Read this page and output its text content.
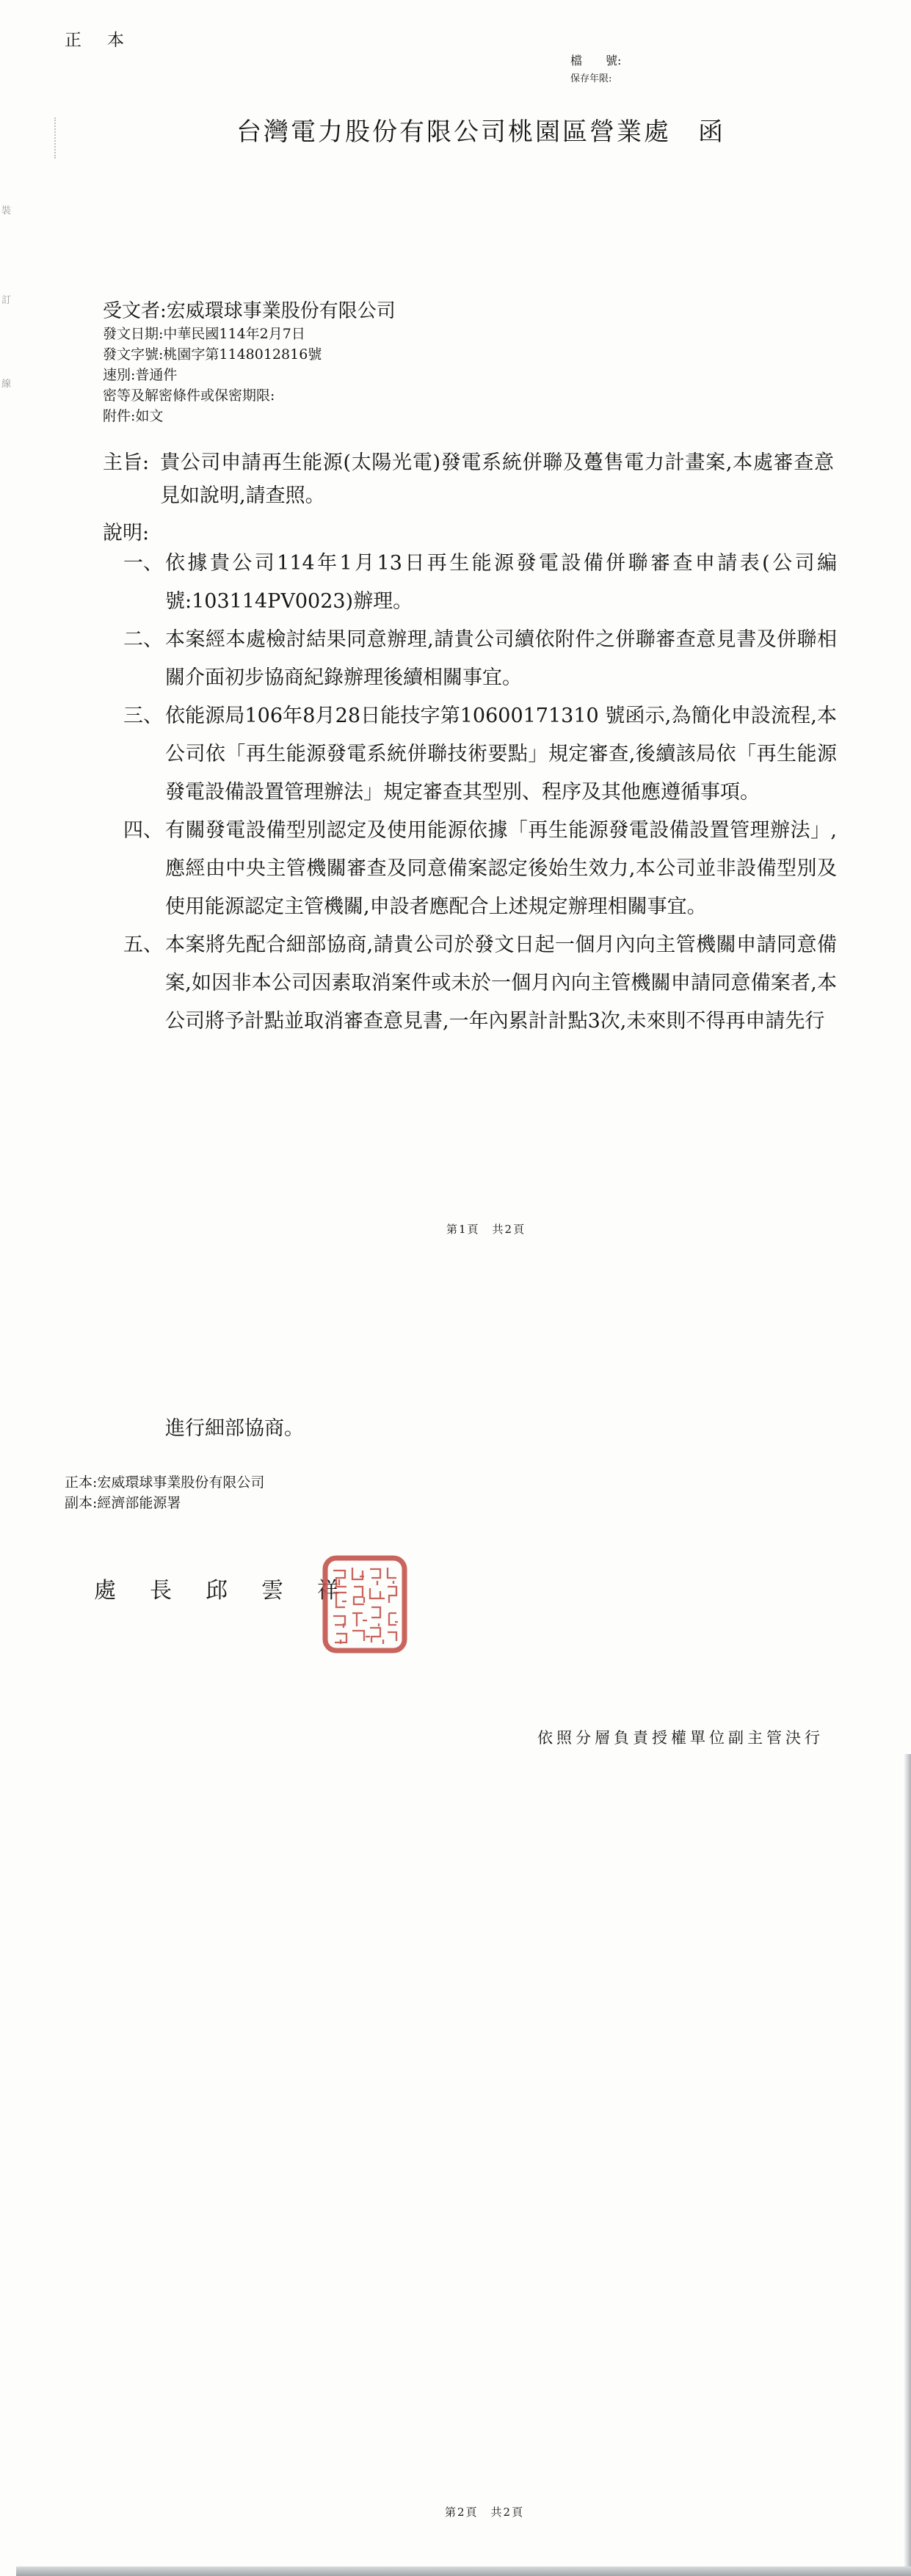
裝
訂
線
正　本
檔　　號:
保存年限:
台灣電力股份有限公司桃園區營業處　函
受文者:宏威環球事業股份有限公司
發文日期:中華民國114年2月7日
發文字號:桃園字第1148012816號
速別:普通件
密等及解密條件或保密期限:
附件:如文
主旨: 貴公司申請再生能源(太陽光電)發電系統併聯及躉售電力計畫案,本處審查意見如說明,請查照。
說明:
一、 依據貴公司114年1月13日再生能源發電設備併聯審查申請表(公司編號:103114PV0023)辦理。
二、 本案經本處檢討結果同意辦理,請貴公司續依附件之併聯審查意見書及併聯相關介面初步協商紀錄辦理後續相關事宜。
三、 依能源局106年8月28日能技字第10600171310 號函示,為簡化申設流程,本公司依「再生能源發電系統併聯技術要點」規定審查,後續該局依「再生能源發電設備設置管理辦法」規定審查其型別、程序及其他應遵循事項。
四、 有關發電設備型別認定及使用能源依據「再生能源發電設備設置管理辦法」,應經由中央主管機關審查及同意備案認定後始生效力,本公司並非設備型別及使用能源認定主管機關,申設者應配合上述規定辦理相關事宜。
五、 本案將先配合細部協商,請貴公司於發文日起一個月內向主管機關申請同意備案,如因非本公司因素取消案件或未於一個月內向主管機關申請同意備案者,本公司將予計點並取消審查意見書,一年內累計計點3次,未來則不得再申請先行
第1頁　共2頁
進行細部協商。
正本:宏威環球事業股份有限公司
副本:經濟部能源署
處　長　邱　雲　祥
依照分層負責授權單位副主管決行
第2頁　共2頁
